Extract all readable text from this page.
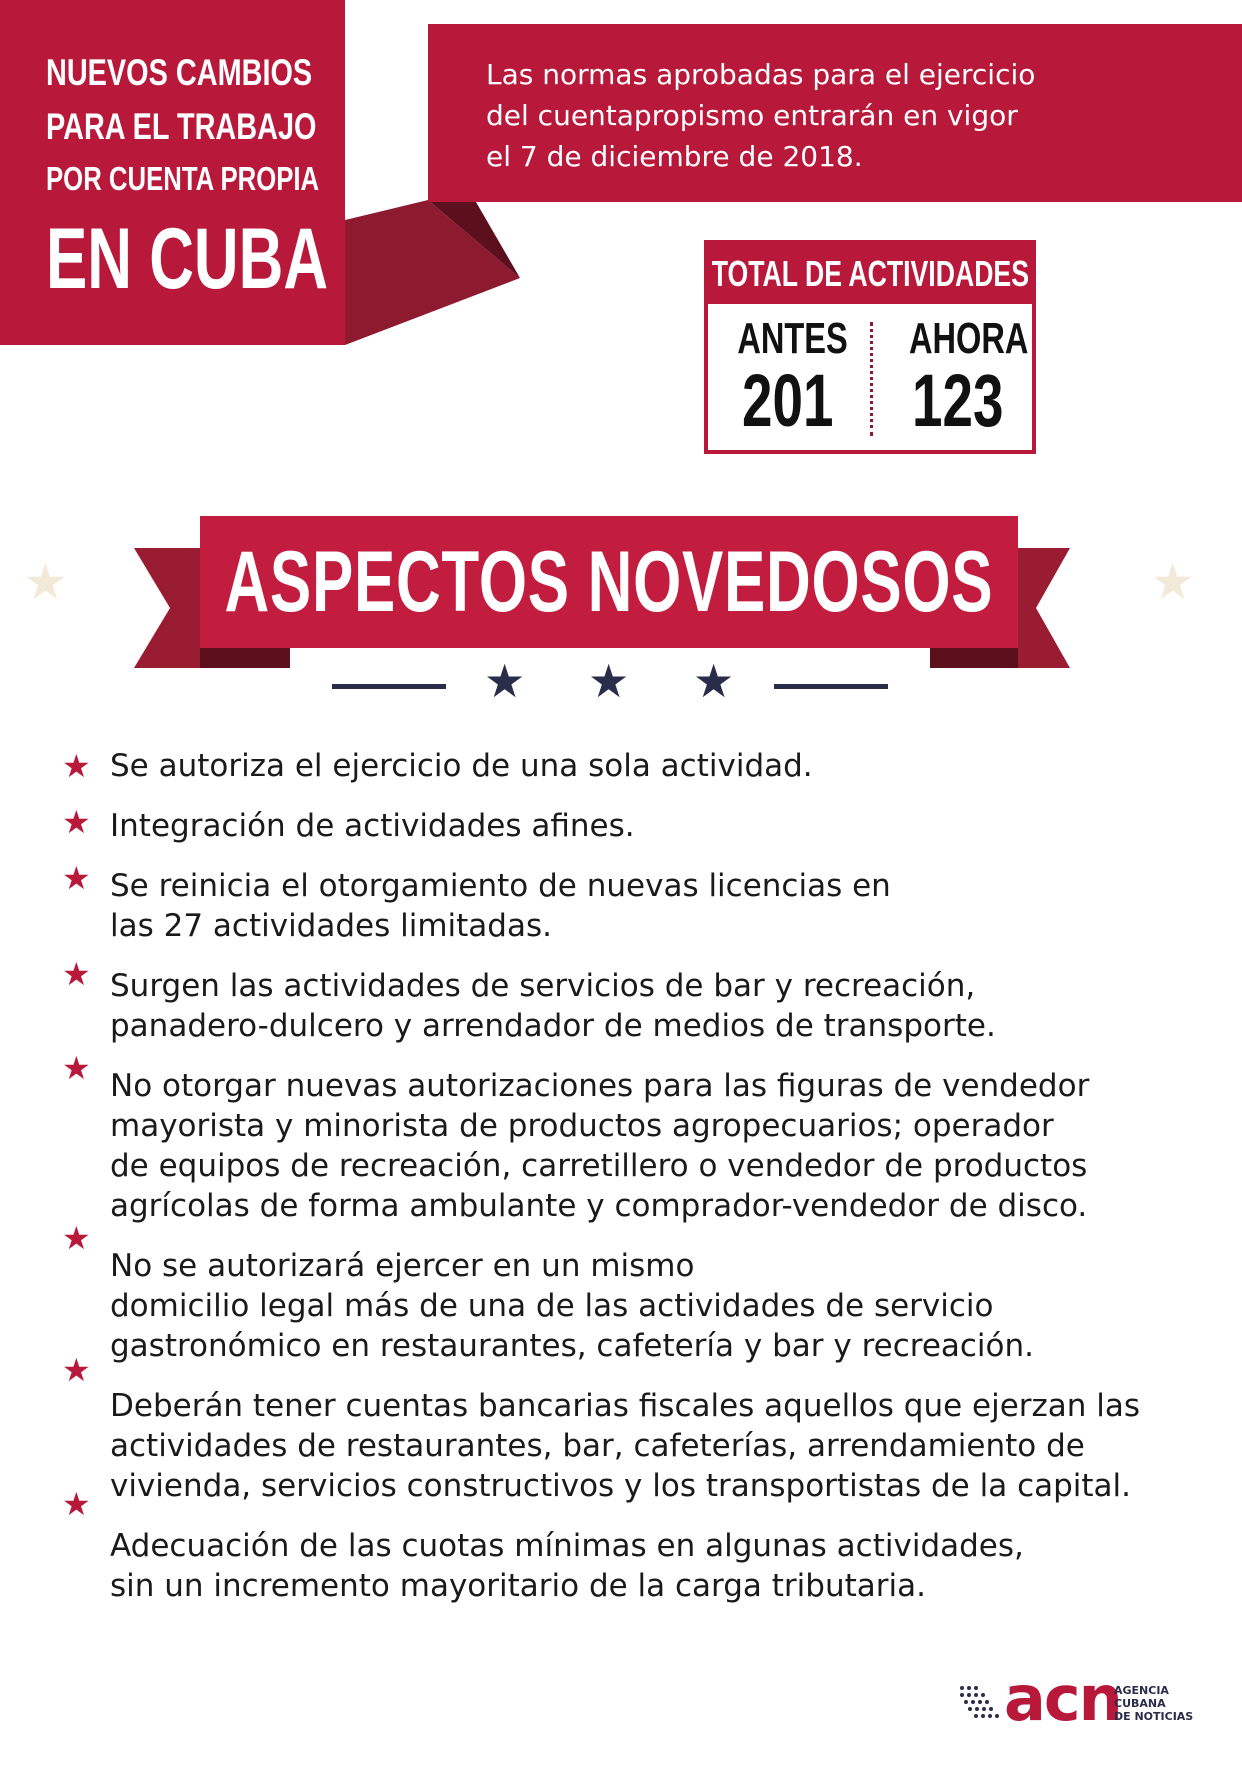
NUEVOS CAMBIOS
PARA EL TRABAJO
POR CUENTA PROPIA
EN CUBA
Las normas aprobadas para el ejercicio
del cuentapropismo entrarán en vigor
el 7 de diciembre de 2018.
TOTAL DE ACTIVIDADES
ANTES
201
AHORA
123
★ ASPECTOS NOVEDOSOS	★
★ ★ ★
★ Se autoriza el ejercicio de una sola actividad.
★ Integración de actividades afines.
★ Se reinicia el otorgamiento de nuevas licencias en
las 27 actividades limitadas.
★ Surgen las actividades de servicios de bar y recreación,
panadero-dulcero y arrendador de medios de transporte.
★ No otorgar nuevas autorizaciones para las figuras de vendedor
mayorista y minorista de productos agropecuarios; operador
de equipos de recreación, carretillero o vendedor de productos
agrícolas de forma ambulante y comprador-vendedor de disco.
★
No se autorizará ejercer en un mismo
domicilio legal más de una de las actividades de servicio
gastronómico en restaurantes, cafetería y bar y recreación.
★
Deberán tener cuentas bancarias fiscales aquellos que ejerzan las
actividades de restaurantes, bar, cafeterías, arrendamiento de
vivienda, servicios constructivos y los transportistas de la capital.
★
Adecuación de las cuotas mínimas en algunas actividades,
sin un incremento mayoritario de la carga tributaria.
acn
AGENCIA
CUBANA
DE NOTICIAS
